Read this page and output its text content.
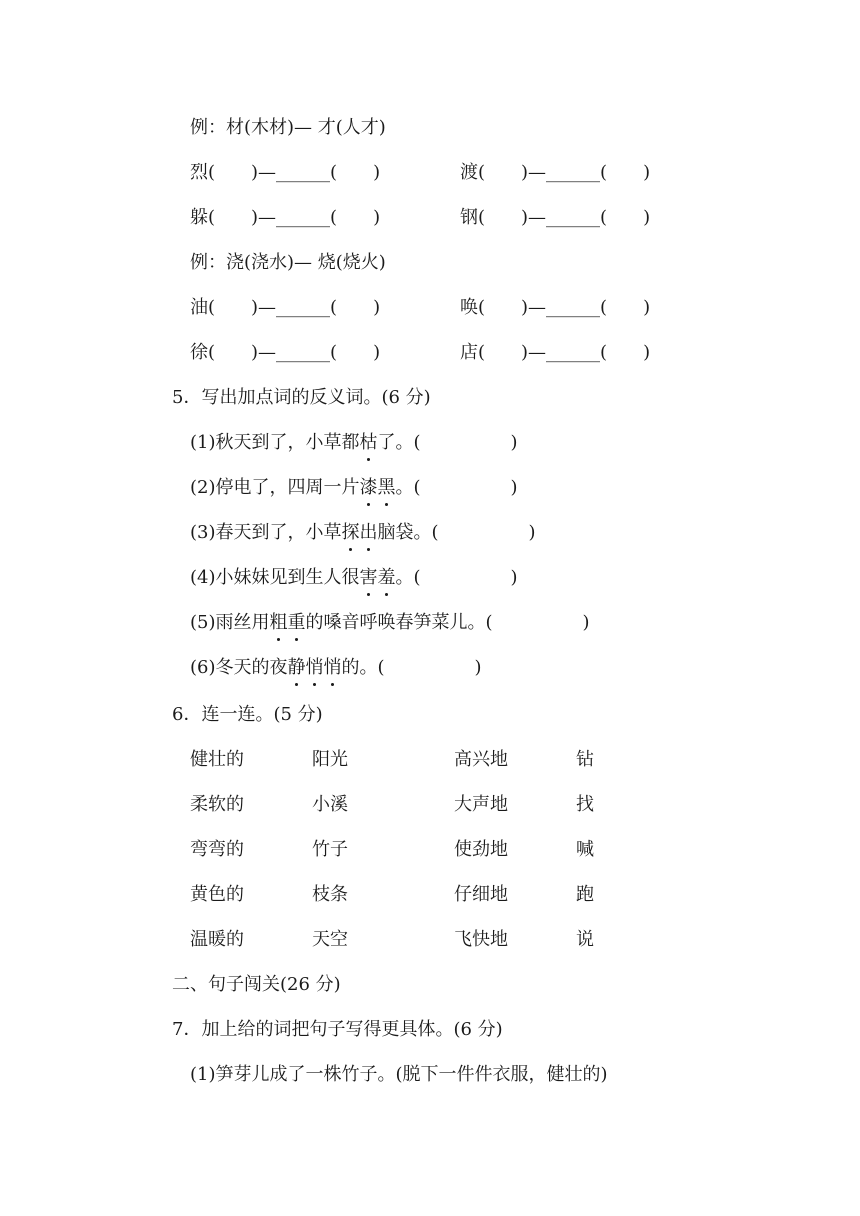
例：材(木材)— 才(人才)
烈(　　)—______(　　)	渡(　　)—______(　　)
躲(　　)—______(　　)	钢(　　)—______(　　)
例：浇(浇水)— 烧(烧火)
油(　　)—______(　　)	唤(　　)—______(　　)
徐(　　)—______(　　)	店(　　)—______(　　)
5．写出加点词的反义词。(6 分)
(1)秋天到了，小草都枯了。(　　　　　)
(2)停电了，四周一片漆黑。(　　　　　)
(3)春天到了，小草探出脑袋。(　　　　　)
(4)小妹妹见到生人很害羞。(　　　　　)
(5)雨丝用粗重的嗓音呼唤春笋菜儿。(　　　　　)
(6)冬天的夜静悄悄的。(　　　　　)
6．连一连。(5 分)
健壮的	阳光	高兴地	钻
柔软的	小溪	大声地	找
弯弯的	竹子	使劲地	喊
黄色的	枝条	仔细地	跑
温暖的	天空	飞快地	说
二、句子闯关(26 分)
7．加上给的词把句子写得更具体。(6 分)
(1)笋芽儿成了一株竹子。(脱下一件件衣服，健壮的)
